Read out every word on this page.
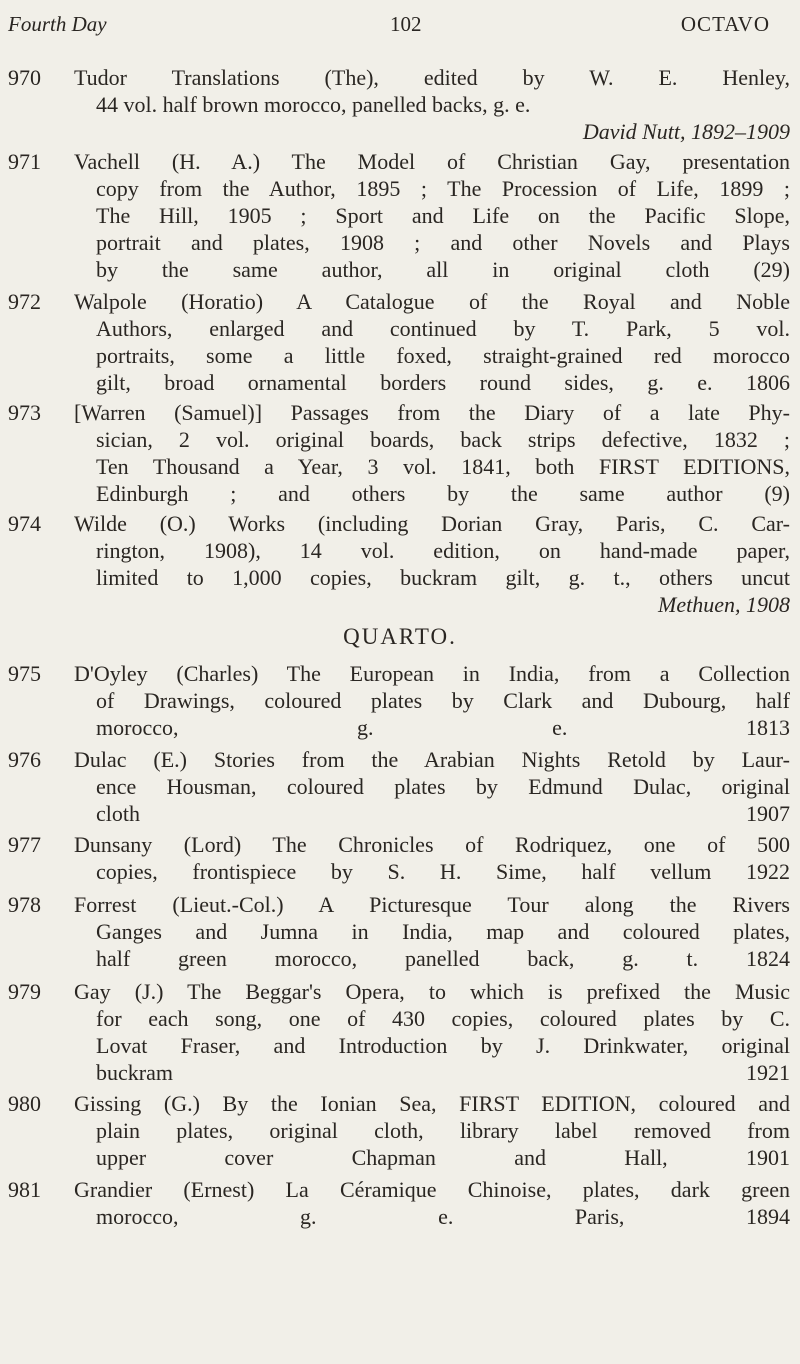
Fourth Day	102	OCTAVO
970 Tudor Translations (The), edited by W. E. Henley,
44 vol. half brown morocco, panelled backs, g. e.
David Nutt, 1892–1909
971 Vachell (H. A.) The Model of Christian Gay, presentation
copy from the Author, 1895 ; The Procession of Life, 1899 ;
The Hill, 1905 ; Sport and Life on the Pacific Slope,
portrait and plates, 1908 ; and other Novels and Plays
by the same author, all in original cloth (29)
972 Walpole (Horatio) A Catalogue of the Royal and Noble
Authors, enlarged and continued by T. Park, 5 vol.
portraits, some a little foxed, straight-grained red morocco
gilt, broad ornamental borders round sides, g. e. 1806
973 [Warren (Samuel)] Passages from the Diary of a late Phy-
sician, 2 vol. original boards, back strips defective, 1832 ;
Ten Thousand a Year, 3 vol. 1841, both FIRST EDITIONS,
Edinburgh ; and others by the same author (9)
974 Wilde (O.) Works (including Dorian Gray, Paris, C. Car-
rington, 1908), 14 vol. edition, on hand-made paper,
limited to 1,000 copies, buckram gilt, g. t., others uncut
Methuen, 1908
QUARTO.
975 D'Oyley (Charles) The European in India, from a Collection
of Drawings, coloured plates by Clark and Dubourg, half
morocco, g. e. 1813
976 Dulac (E.) Stories from the Arabian Nights Retold by Laur-
ence Housman, coloured plates by Edmund Dulac, original
cloth 1907
977 Dunsany (Lord) The Chronicles of Rodriquez, one of 500
copies, frontispiece by S. H. Sime, half vellum 1922
978 Forrest (Lieut.-Col.) A Picturesque Tour along the Rivers
Ganges and Jumna in India, map and coloured plates,
half green morocco, panelled back, g. t. 1824
979 Gay (J.) The Beggar's Opera, to which is prefixed the Music
for each song, one of 430 copies, coloured plates by C.
Lovat Fraser, and Introduction by J. Drinkwater, original
buckram 1921
980 Gissing (G.) By the Ionian Sea, FIRST EDITION, coloured and
plain plates, original cloth, library label removed from
upper cover Chapman and Hall, 1901
981 Grandier (Ernest) La Céramique Chinoise, plates, dark green
morocco, g. e. Paris, 1894
